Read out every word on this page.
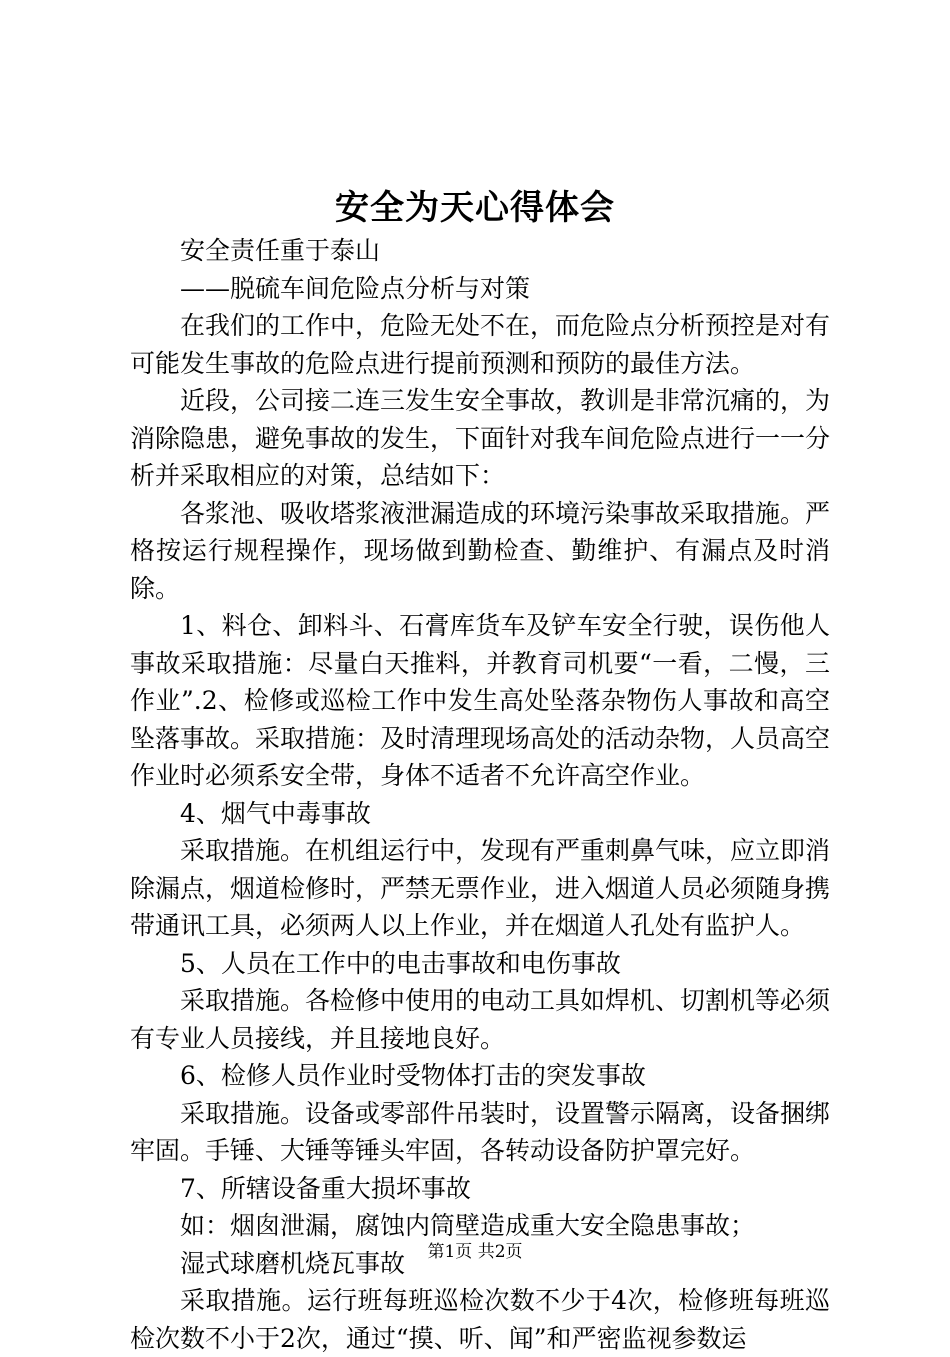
安全为天心得体会

安全责任重于泰山

——脱硫车间危险点分析与对策

在我们的工作中，危险无处不在，而危险点分析预控是对有可能发生事故的危险点进行提前预测和预防的最佳方法。

近段，公司接二连三发生安全事故，教训是非常沉痛的，为消除隐患，避免事故的发生，下面针对我车间危险点进行一一分析并采取相应的对策，总结如下：

各浆池、吸收塔浆液泄漏造成的环境污染事故采取措施。严格按运行规程操作，现场做到勤检查、勤维护、有漏点及时消除。

1、料仓、卸料斗、石膏库货车及铲车安全行驶，误伤他人事故采取措施：尽量白天推料，并教育司机要“一看，二慢，三作业”.2、检修或巡检工作中发生高处坠落杂物伤人事故和高空坠落事故。采取措施：及时清理现场高处的活动杂物，人员高空作业时必须系安全带，身体不适者不允许高空作业。

4、烟气中毒事故

采取措施。在机组运行中，发现有严重刺鼻气味，应立即消除漏点，烟道检修时，严禁无票作业，进入烟道人员必须随身携带通讯工具，必须两人以上作业，并在烟道人孔处有监护人。

5、人员在工作中的电击事故和电伤事故

采取措施。各检修中使用的电动工具如焊机、切割机等必须有专业人员接线，并且接地良好。

6、检修人员作业时受物体打击的突发事故

采取措施。设备或零部件吊装时，设置警示隔离，设备捆绑牢固。手锤、大锤等锤头牢固，各转动设备防护罩完好。

7、所辖设备重大损坏事故

如：烟囱泄漏，腐蚀内筒壁造成重大安全隐患事故；

湿式球磨机烧瓦事故

采取措施。运行班每班巡检次数不少于4次，检修班每班巡检次数不小于2次，通过“摸、听、闻”和严密监视参数运

第1页 共2页
